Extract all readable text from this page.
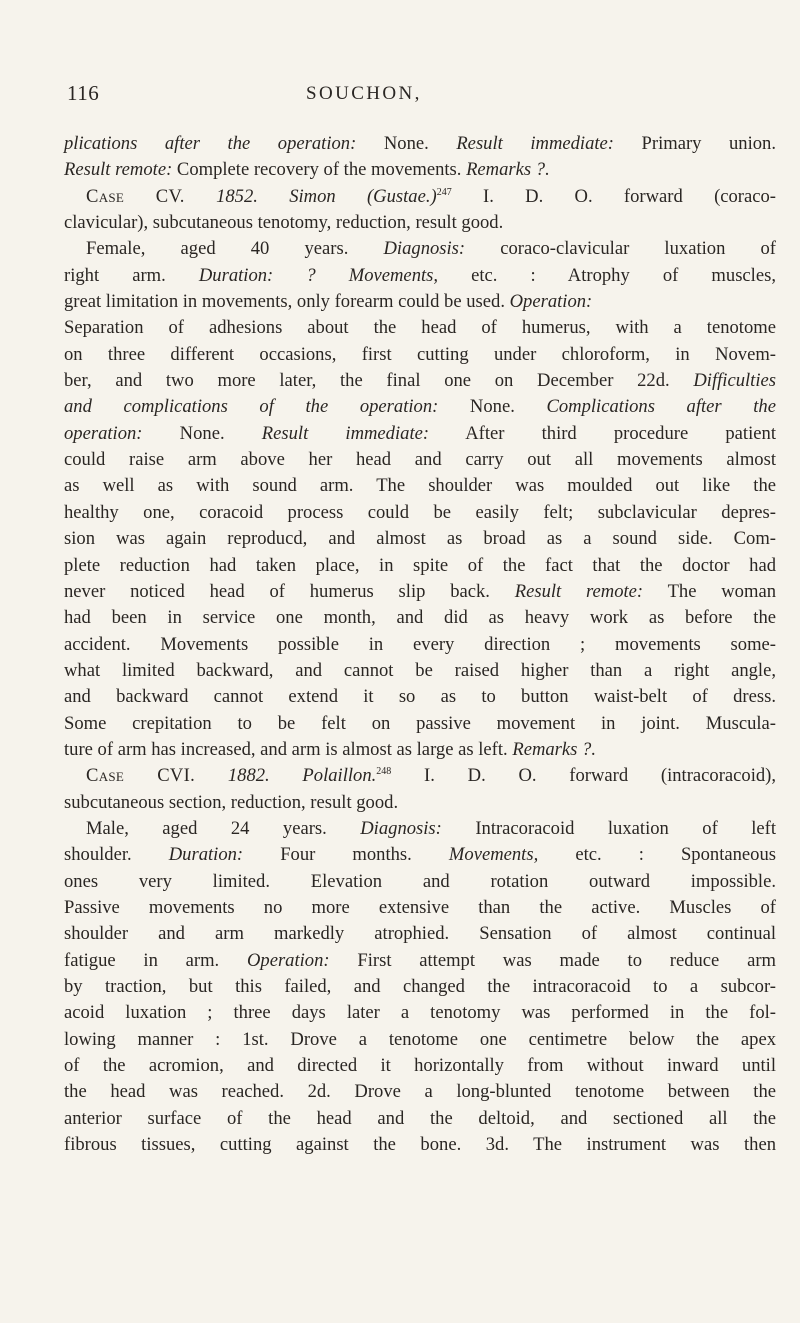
116	SOUCHON,
plications after the operation: None. Result immediate: Primary union.
Result remote: Complete recovery of the movements. Remarks ?.
Case CV. 1852. Simon (Gustae.)$^{247}$ I. D. O. forward (coraco-
clavicular), subcutaneous tenotomy, reduction, result good.
Female, aged 40 years. Diagnosis: coraco-clavicular luxation of
right arm. Duration: ? Movements, etc. : Atrophy of muscles,
great limitation in movements, only forearm could be used. Operation:
Separation of adhesions about the head of humerus, with a tenotome
on three different occasions, first cutting under chloroform, in Novem-
ber, and two more later, the final one on December 22d. Difficulties
and complications of the operation: None. Complications after the
operation: None. Result immediate: After third procedure patient
could raise arm above her head and carry out all movements almost
as well as with sound arm. The shoulder was moulded out like the
healthy one, coracoid process could be easily felt; subclavicular depres-
sion was again reproducd, and almost as broad as a sound side. Com-
plete reduction had taken place, in spite of the fact that the doctor had
never noticed head of humerus slip back. Result remote: The woman
had been in service one month, and did as heavy work as before the
accident. Movements possible in every direction ; movements some-
what limited backward, and cannot be raised higher than a right angle,
and backward cannot extend it so as to button waist-belt of dress.
Some crepitation to be felt on passive movement in joint. Muscula-
ture of arm has increased, and arm is almost as large as left. Remarks ?.
Case CVI. 1882. Polaillon.$^{248}$ I. D. O. forward (intracoracoid),
subcutaneous section, reduction, result good.
Male, aged 24 years. Diagnosis: Intracoracoid luxation of left
shoulder. Duration: Four months. Movements, etc. : Spontaneous
ones very limited. Elevation and rotation outward impossible.
Passive movements no more extensive than the active. Muscles of
shoulder and arm markedly atrophied. Sensation of almost continual
fatigue in arm. Operation: First attempt was made to reduce arm
by traction, but this failed, and changed the intracoracoid to a subcor-
acoid luxation ; three days later a tenotomy was performed in the fol-
lowing manner : 1st. Drove a tenotome one centimetre below the apex
of the acromion, and directed it horizontally from without inward until
the head was reached. 2d. Drove a long-blunted tenotome between the
anterior surface of the head and the deltoid, and sectioned all the
fibrous tissues, cutting against the bone. 3d. The instrument was then
